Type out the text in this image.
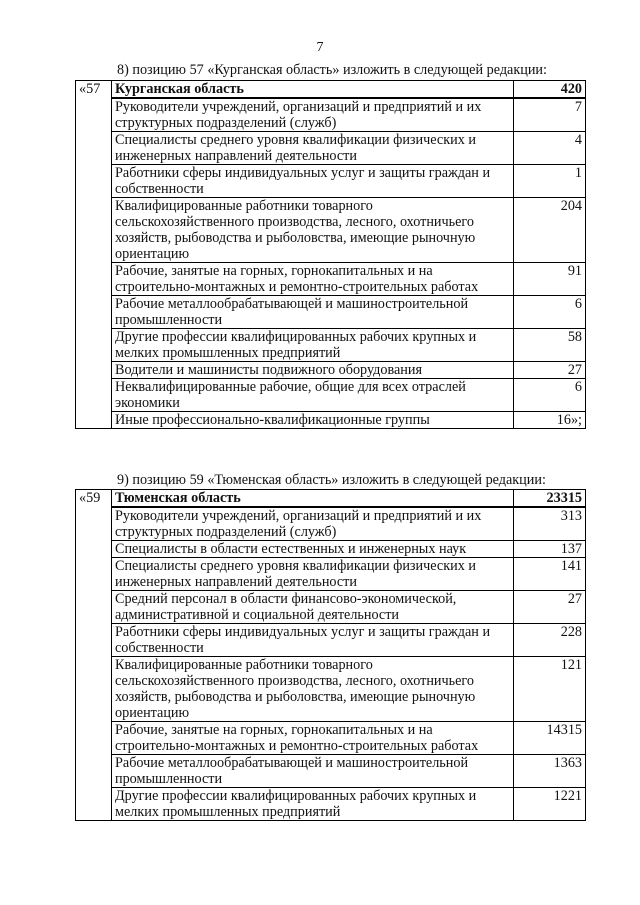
7
8) позицию 57 «Курганская область» изложить в следующей редакции:
«57	Курганская область	420
	Руководители учреждений, организаций и предприятий и их структурных подразделений (служб)	7
	Специалисты среднего уровня квалификации физических и инженерных направлений деятельности	4
	Работники сферы индивидуальных услуг и защиты граждан и собственности	1
	Квалифицированные работники товарного сельскохозяйственного производства, лесного, охотничьего хозяйств, рыбоводства и рыболовства, имеющие рыночную ориентацию	204
	Рабочие, занятые на горных, горнокапитальных и на строительно-монтажных и ремонтно-строительных работах	91
	Рабочие металлообрабатывающей и машиностроительной промышленности	6
	Другие профессии квалифицированных рабочих крупных и мелких промышленных предприятий	58
	Водители и машинисты подвижного оборудования	27
	Неквалифицированные рабочие, общие для всех отраслей экономики	6
	Иные профессионально-квалификационные группы	16»;
9) позицию 59 «Тюменская область» изложить в следующей редакции:
«59	Тюменская область	23315
	Руководители учреждений, организаций и предприятий и их структурных подразделений (служб)	313
	Специалисты в области естественных и инженерных наук	137
	Специалисты среднего уровня квалификации физических и инженерных направлений деятельности	141
	Средний персонал в области финансово-экономической, административной и социальной деятельности	27
	Работники сферы индивидуальных услуг и защиты граждан и собственности	228
	Квалифицированные работники товарного сельскохозяйственного производства, лесного, охотничьего хозяйств, рыбоводства и рыболовства, имеющие рыночную ориентацию	121
	Рабочие, занятые на горных, горнокапитальных и на строительно-монтажных и ремонтно-строительных работах	14315
	Рабочие металлообрабатывающей и машиностроительной промышленности	1363
	Другие профессии квалифицированных рабочих крупных и мелких промышленных предприятий	1221
